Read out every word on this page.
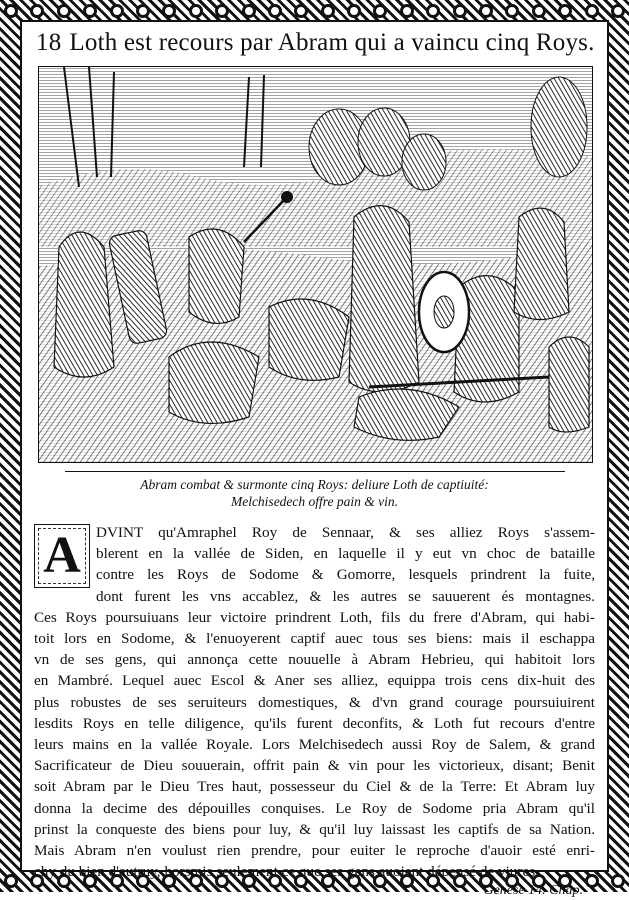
18 Loth est recours par Abram qui a vaincu cinq Roys.
Abram combat & surmonte cinq Roys: deliure Loth de captiuité:
Melchisedech offre pain & vin.
A	DVINT qu'Amraphel Roy de Sennaar, & ses alliez Roys s'assem-
blerent en la vallée de Siden, en laquelle il y eut vn choc de bataille
contre les Roys de Sodome & Gomorre, lesquels prindrent la fuite,
dont furent les vns accablez, & les autres se sauuerent és montagnes.
Ces Roys poursuiuans leur victoire prindrent Loth, fils du frere d'Abram, qui habi-
toit lors en Sodome, & l'enuoyerent captif auec tous ses biens: mais il eschappa
vn de ses gens, qui annonça cette nouuelle à Abram Hebrieu, qui habitoit lors
en Mambré. Lequel auec Escol & Aner ses alliez, equippa trois cens dix-huit des
plus robustes de ses seruiteurs domestiques, & d'vn grand courage poursuiuirent
lesdits Roys en telle diligence, qu'ils furent deconfits, & Loth fut recours d'entre
leurs mains en la vallée Royale. Lors Melchisedech aussi Roy de Salem, & grand
Sacrificateur de Dieu souuerain, offrit pain & vin pour les victorieux, disant; Benit
soit Abram par le Dieu Tres haut, possesseur du Ciel & de la Terre: Et Abram luy
donna la decime des dépouilles conquises. Le Roy de Sodome pria Abram qu'il
prinst la conqueste des biens pour luy, & qu'il luy laissast les captifs de sa Nation.
Mais Abram n'en voulust rien prendre, pour euiter le reproche d'auoir esté enri-
chy du bien d'autruy, horsmis seulement ce que ses gens auoient dépensé de viures.
Genese 14. Chap.
